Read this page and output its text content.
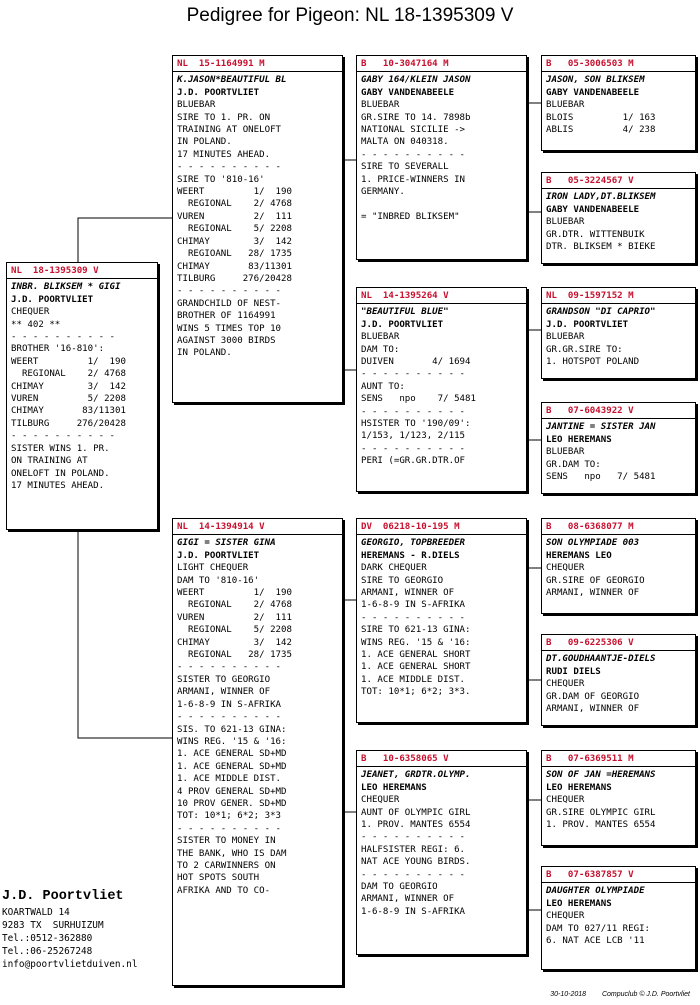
Pedigree for Pigeon: NL 18-1395309 V
NL  18-1395309 V
INBR. BLIKSEM * GIGI
J.D. POORTVLIET
CHEQUER
** 402 **
- - - - - - - - - -
BROTHER '16-810':
WEERT         1/  190
REGIONAL    2/ 4768
CHIMAY        3/  142
VUREN         5/ 2208
CHIMAY       83/11301
TILBURG     276/20428
- - - - - - - - - -
SISTER WINS 1. PR.
ON TRAINING AT
ONELOFT IN POLAND.
17 MINUTES AHEAD.
NL  15-1164991 M
K.JASON*BEAUTIFUL BL
J.D. POORTVLIET
BLUEBAR
SIRE TO 1. PR. ON
TRAINING AT ONELOFT
IN POLAND.
17 MINUTES AHEAD.
- - - - - - - - - -
SIRE TO '810-16'
WEERT         1/  190
REGIONAL    2/ 4768
VUREN         2/  111
REGIONAL    5/ 2208
CHIMAY        3/  142
REGIOANL   28/ 1735
CHIMAY       83/11301
TILBURG     276/20428
- - - - - - - - - -
GRANDCHILD OF NEST-
BROTHER OF 1164991
WINS 5 TIMES TOP 10
AGAINST 3000 BIRDS
IN POLAND.
NL  14-1394914 V
GIGI = SISTER GINA
J.D. POORTVLIET
LIGHT CHEQUER
DAM TO '810-16'
WEERT         1/  190
REGIONAL    2/ 4768
VUREN         2/  111
REGIONAL    5/ 2208
CHIMAY        3/  142
REGIONAL   28/ 1735
- - - - - - - - - -
SISTER TO GEORGIO
ARMANI, WINNER OF
1-6-8-9 IN S-AFRIKA
- - - - - - - - - -
SIS. TO 621-13 GINA:
WINS REG. '15 & '16:
1. ACE GENERAL SD+MD
1. ACE GENERAL SD+MD
1. ACE MIDDLE DIST.
4 PROV GENERAL SD+MD
10 PROV GENER. SD+MD
TOT: 10*1; 6*2; 3*3
- - - - - - - - - -
SISTER TO MONEY IN
THE BANK, WHO IS DAM
TO 2 CARWINNERS ON
HOT SPOTS SOUTH
AFRIKA AND TO CO-
B   10-3047164 M
GABY 164/KLEIN JASON
GABY VANDENABEELE
BLUEBAR
GR.SIRE TO 14. 7898b
NATIONAL SICILIE ->
MALTA ON 040318.
- - - - - - - - - -
SIRE TO SEVERALL
1. PRICE-WINNERS IN
GERMANY.

= "INBRED BLIKSEM"
NL  14-1395264 V
"BEAUTIFUL BLUE"
J.D. POORTVLIET
BLUEBAR
DAM TO:
DUIVEN       4/ 1694
- - - - - - - - - -
AUNT TO:
SENS   npo    7/ 5481
- - - - - - - - - -
HSISTER TO '190/09':
1/153, 1/123, 2/115
- - - - - - - - - -
PERI (=GR.GR.DTR.OF
DV  06218-10-195 M
GEORGIO, TOPBREEDER
HEREMANS - R.DIELS
DARK CHEQUER
SIRE TO GEORGIO
ARMANI, WINNER OF
1-6-8-9 IN S-AFRIKA
- - - - - - - - - -
SIRE TO 621-13 GINA:
WINS REG. '15 & '16:
1. ACE GENERAL SHORT
1. ACE GENERAL SHORT
1. ACE MIDDLE DIST.
TOT: 10*1; 6*2; 3*3.
B   10-6358065 V
JEANET, GRDTR.OLYMP.
LEO HEREMANS
CHEQUER
AUNT OF OLYMPIC GIRL
1. PROV. MANTES 6554
- - - - - - - - - -
HALFSISTER REGI: 6.
NAT ACE YOUNG BIRDS.
- - - - - - - - - -
DAM TO GEORGIO
ARMANI, WINNER OF
1-6-8-9 IN S-AFRIKA
B   05-3006503 M
JASON, SON BLIKSEM
GABY VANDENABEELE
BLUEBAR
BLOIS         1/ 163
ABLIS         4/ 238
B   05-3224567 V
IRON LADY,DT.BLIKSEM
GABY VANDENABEELE
BLUEBAR
GR.DTR. WITTENBUIK
DTR. BLIKSEM * BIEKE
NL  09-1597152 M
GRANDSON "DI CAPRIO"
J.D. POORTVLIET
BLUEBAR
GR.GR.SIRE TO:
1. HOTSPOT POLAND
B   07-6043922 V
JANTINE = SISTER JAN
LEO HEREMANS
BLUEBAR
GR.DAM TO:
SENS   npo   7/ 5481
B   08-6368077 M
SON OLYMPIADE 003
HEREMANS LEO
CHEQUER
GR.SIRE OF GEORGIO
ARMANI, WINNER OF
B   09-6225306 V
DT.GOUDHAANTJE-DIELS
RUDI DIELS
CHEQUER
GR.DAM OF GEORGIO
ARMANI, WINNER OF
B   07-6369511 M
SON OF JAN =HEREMANS
LEO HEREMANS
CHEQUER
GR.SIRE OLYMPIC GIRL
1. PROV. MANTES 6554
B   07-6387857 V
DAUGHTER OLYMPIADE
LEO HEREMANS
CHEQUER
DAM TO 027/11 REGI:
6. NAT ACE LCB '11
J.D. Poortvliet
KOARTWALD 14
9283 TX  SURHUIZUM
Tel.:0512-362880
Tel.:06-25267248
info@poortvlietduiven.nl
30-10-2018 Compuclub © J.D. Poortvliet
